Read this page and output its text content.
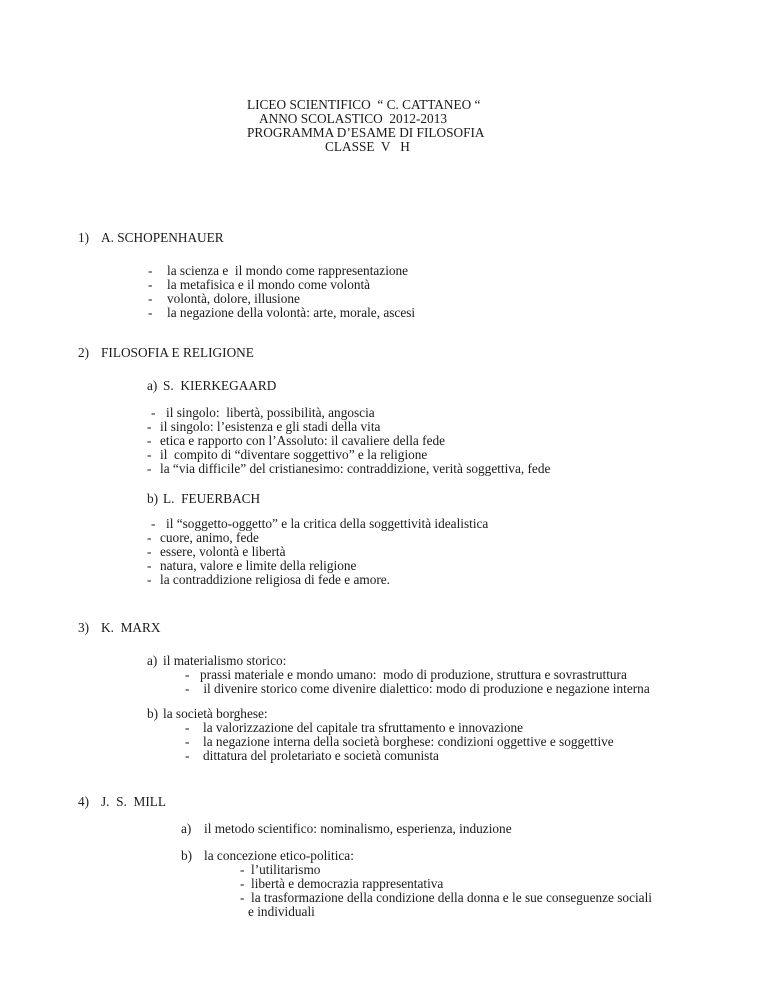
LICEO SCIENTIFICO  “ C. CATTANEO “
ANNO SCOLASTICO  2012-2013
PROGRAMMA D’ESAME DI FILOSOFIA
CLASSE  V   H
1) A. SCHOPENHAUER
- la scienza e  il mondo come rappresentazione
- la metafisica e il mondo come volontà
- volontà, dolore, illusione
- la negazione della volontà: arte, morale, ascesi
2) FILOSOFIA E RELIGIONE
a) S.  KIERKEGAARD
- il singolo:  libertà, possibilità, angoscia
- il singolo: l’esistenza e gli stadi della vita
- etica e rapporto con l’Assoluto: il cavaliere della fede
- il  compito di “diventare soggettivo” e la religione
- la “via difficile” del cristianesimo: contraddizione, verità soggettiva, fede
b) L.  FEUERBACH
- il “soggetto-oggetto” e la critica della soggettività idealistica
- cuore, animo, fede
- essere, volontà e libertà
- natura, valore e limite della religione
- la contraddizione religiosa di fede e amore.
3) K.  MARX
a) il materialismo storico:
- prassi materiale e mondo umano:  modo di produzione, struttura e sovrastruttura
- il divenire storico come divenire dialettico: modo di produzione e negazione interna
b) la società borghese:
- la valorizzazione del capitale tra sfruttamento e innovazione
- la negazione interna della società borghese: condizioni oggettive e soggettive
- dittatura del proletariato e società comunista
4) J.  S.  MILL
a) il metodo scientifico: nominalismo, esperienza, induzione
b) la concezione etico-politica:
- l’utilitarismo
- libertà e democrazia rappresentativa
- la trasformazione della condizione della donna e le sue conseguenze sociali
e individuali
